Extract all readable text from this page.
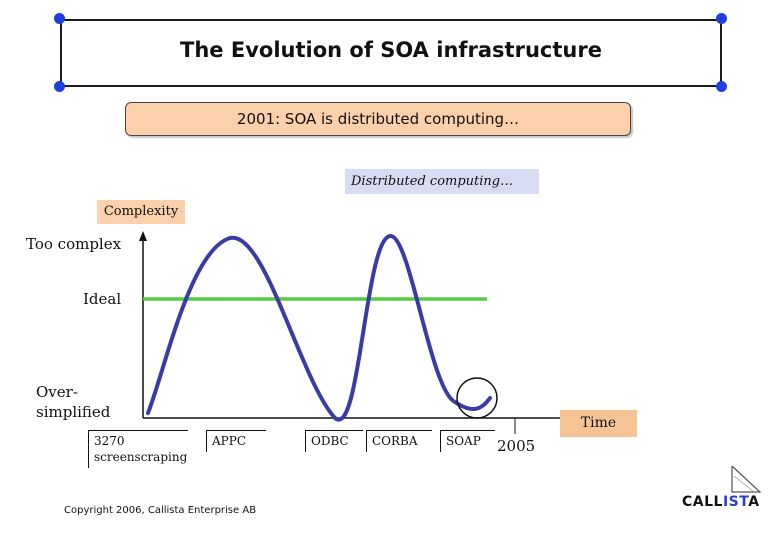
The Evolution of SOA infrastructure
2001: SOA is distributed computing…
Distributed computing…
Complexity
Too complex
Ideal
Over-
simplified
Time
3270
screenscraping
APPC	ODBC	CORBA	SOAP	2005
Copyright 2006, Callista Enterprise AB
CALLISTA
